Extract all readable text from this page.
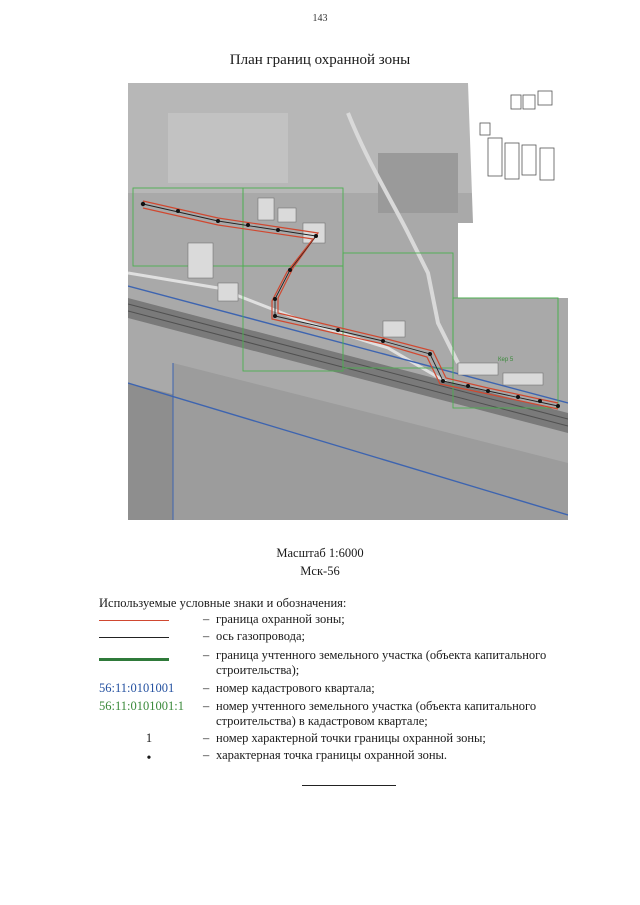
143
План границ охранной зоны
Кер 5
Масштаб 1:6000
Мск-56
Используемые условные знаки и обозначения:
– граница охранной зоны;
– ось газопровода;
– граница учтенного земельного участка (объекта капитального строительства);
56:11:0101001	– номер кадастрового квартала;
56:11:0101001:1	– номер учтенного земельного участка (объекта капитального строительства) в кадастровом квартале;
1	– номер характерной точки границы охранной зоны;
•	– характерная точка границы охранной зоны.
